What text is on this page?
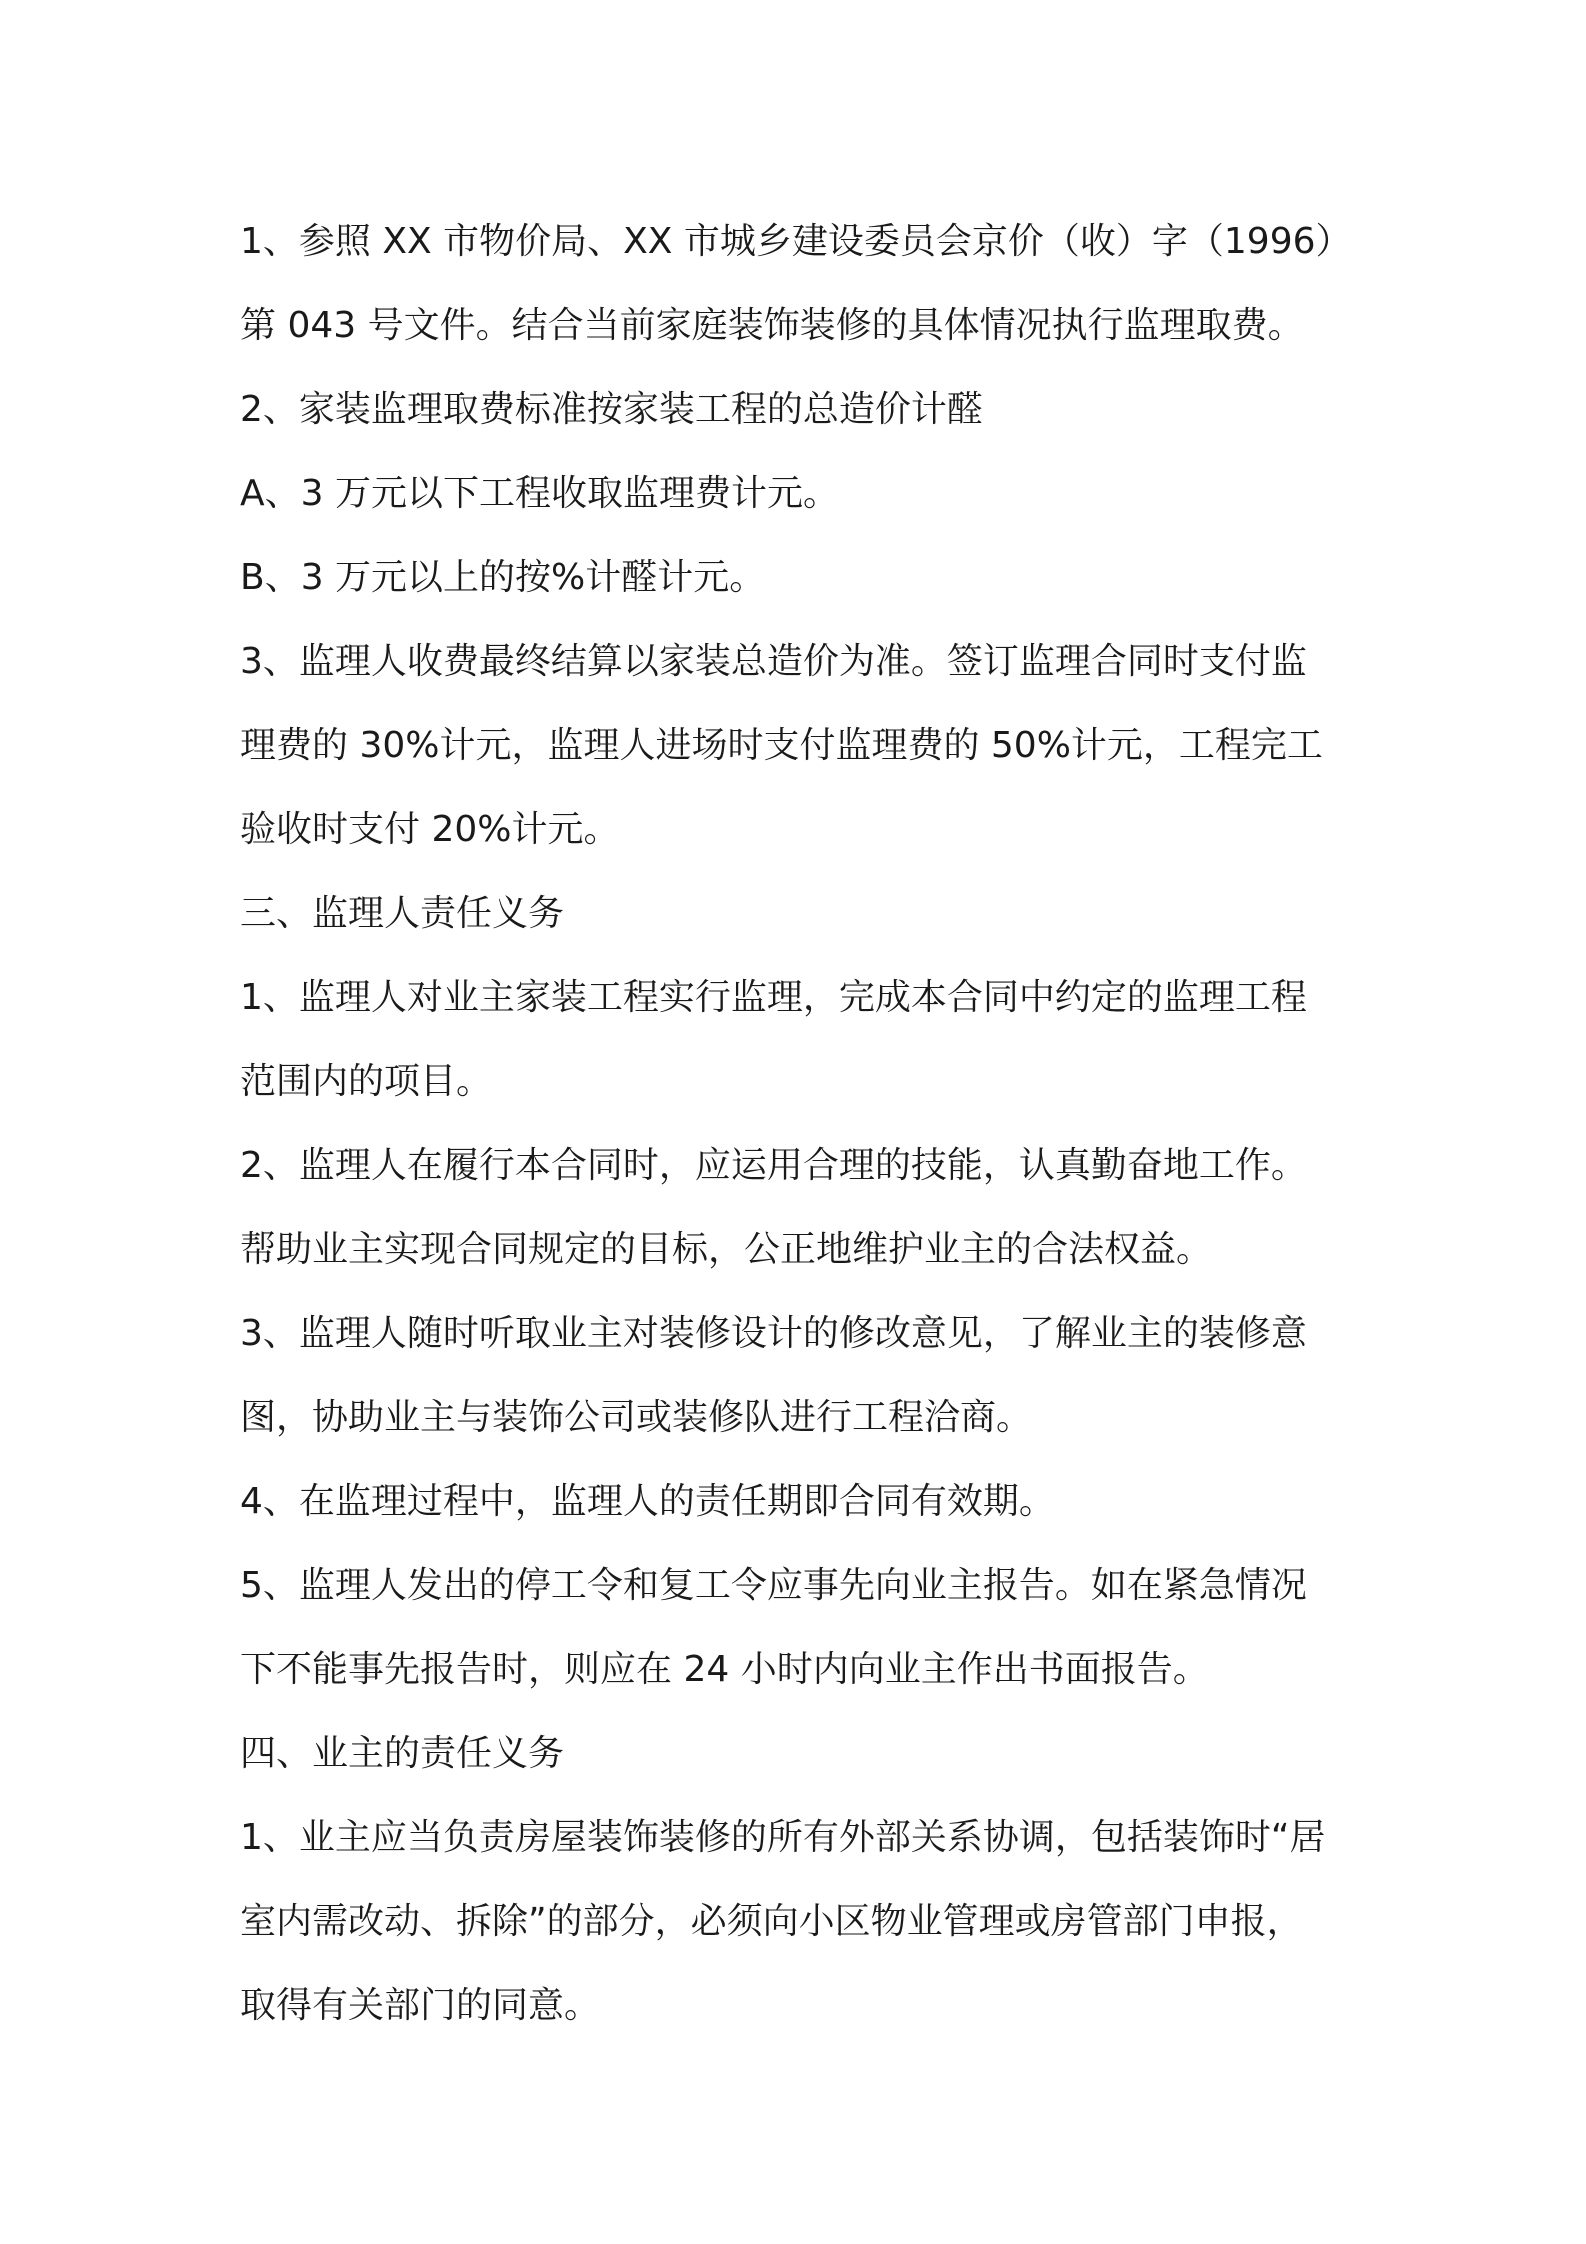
1、参照 XX 市物价局、XX 市城乡建设委员会京价（收）字（1996）
第 043 号文件。结合当前家庭装饰装修的具体情况执行监理取费。
2、家装监理取费标准按家装工程的总造价计醛
A、3 万元以下工程收取监理费计元。
B、3 万元以上的按%计醛计元。
3、监理人收费最终结算以家装总造价为准。签订监理合同时支付监
理费的 30%计元，监理人进场时支付监理费的 50%计元，工程完工
验收时支付 20%计元。
三、监理人责任义务
1、监理人对业主家装工程实行监理，完成本合同中约定的监理工程
范围内的项目。
2、监理人在履行本合同时，应运用合理的技能，认真勤奋地工作。
帮助业主实现合同规定的目标，公正地维护业主的合法权益。
3、监理人随时听取业主对装修设计的修改意见，了解业主的装修意
图，协助业主与装饰公司或装修队进行工程洽商。
4、在监理过程中，监理人的责任期即合同有效期。
5、监理人发出的停工令和复工令应事先向业主报告。如在紧急情况
下不能事先报告时，则应在 24 小时内向业主作出书面报告。
四、业主的责任义务
1、业主应当负责房屋装饰装修的所有外部关系协调，包括装饰时“居
室内需改动、拆除”的部分，必须向小区物业管理或房管部门申报，
取得有关部门的同意。
